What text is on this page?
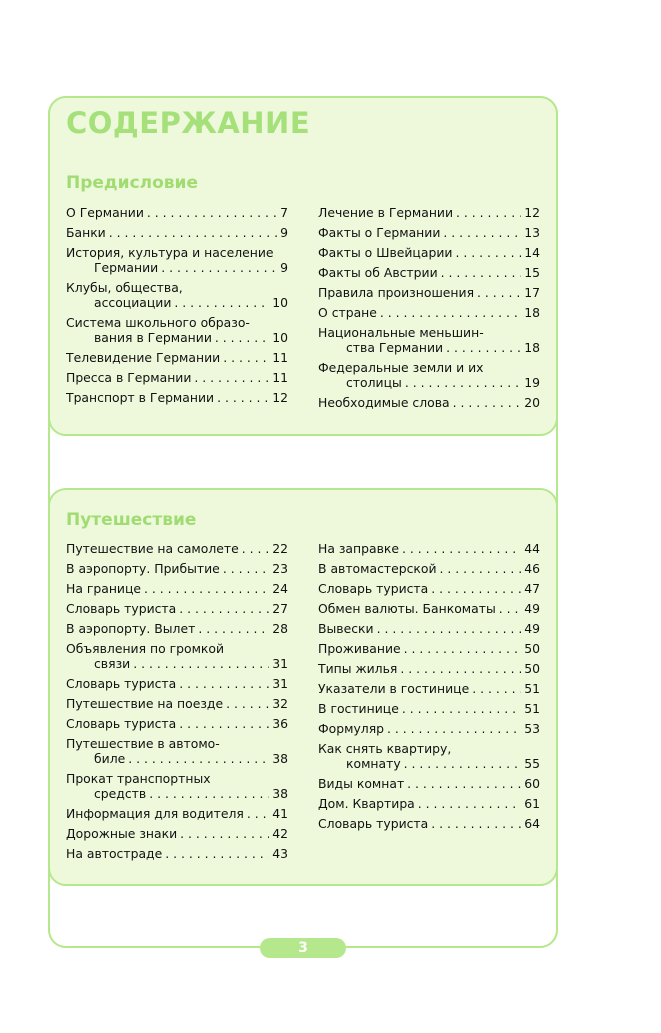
СОДЕРЖАНИЕ
Предисловие
О Германии . . .	7
Банки . . .	9
История, культура и население
Германии . . .	9
Клубы, общества,
ассоциации . . .	10
Система школьного образо-
вания в Германии . . .	10
Телевидение Германии . . .	11
Пресса в Германии . . .	11
Транспорт в Германии . . .	12
Лечение в Германии . . .	12
Факты о Германии . . .	13
Факты о Швейцарии . . .	14
Факты об Австрии . . .	15
Правила произношения . . .	17
О стране . . .	18
Национальные меньшин-
ства Германии . . .	18
Федеральные земли и их
столицы . . .	19
Необходимые слова . . .	20
Путешествие
Путешествие на самолете . . .	22
В аэропорту. Прибытие . . .	23
На границе . . .	24
Словарь туриста . . .	27
В аэропорту. Вылет . . .	28
Объявления по громкой
связи . . .	31
Словарь туриста . . .	31
Путешествие на поезде . . .	32
Словарь туриста . . .	36
Путешествие в автомо-
биле . . .	38
Прокат транспортных
средств . . .	38
Информация для водителя . . . 41
Дорожные знаки . . .	42
На автостраде . . .	43
На заправке . . .	44
В автомастерской . . .	46
Словарь туриста . . .	47
Обмен валюты. Банкоматы . . . 49
Вывески . . .	49
Проживание . . .	50
Типы жилья . . .	50
Указатели в гостинице . . .	51
В гостинице . . .	51
Формуляр . . .	53
Как снять квартиру,
комнату . . .	55
Виды комнат . . .	60
Дом. Квартира . . .	61
Словарь туриста . . .	64
3
